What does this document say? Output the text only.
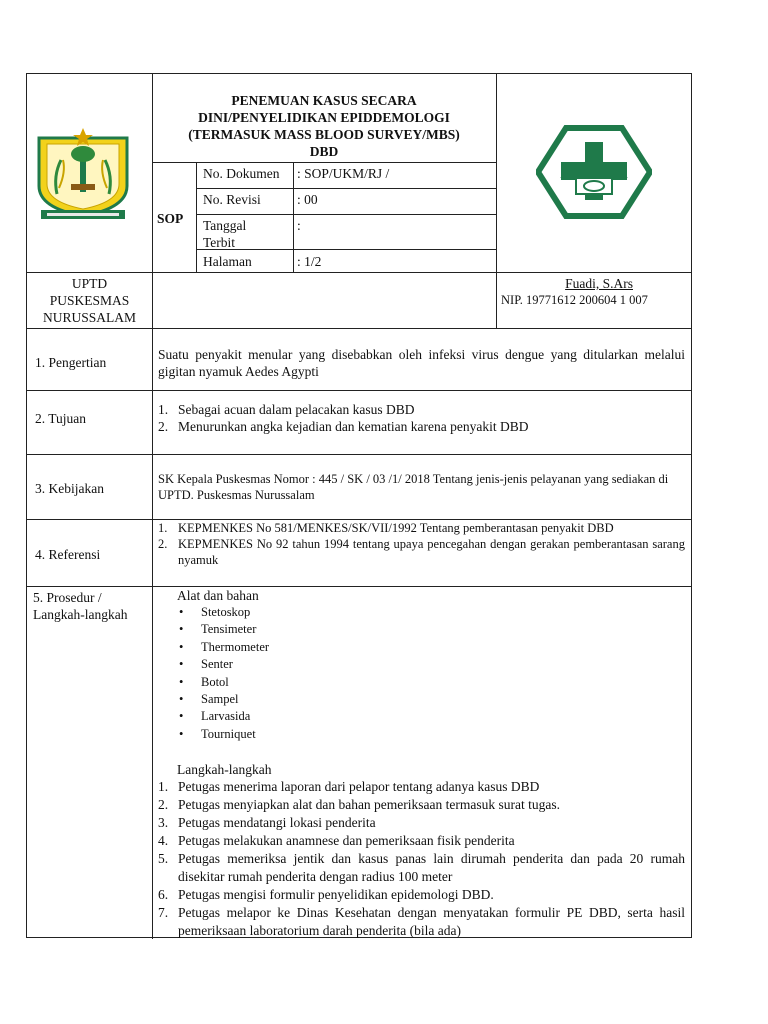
PENEMUAN KASUS SECARA
DINI/PENYELIDIKAN EPIDDEMOLOGI
(TERMASUK MASS BLOOD SURVEY/MBS)
DBD
SOP
No. Dokumen : SOP/UKM/RJ /
No. Revisi	: 00
Tanggal
Terbit
:
Halaman	: 1/2
UPTD
PUSKESMAS
NURUSSALAM
Fuadi, S.Ars
NIP. 19771612 200604 1 007
1. Pengertian
Suatu penyakit menular yang disebabkan oleh infeksi virus dengue yang ditularkan melalui gigitan nyamuk Aedes Agypti
2. Tujuan
1. Sebagai acuan dalam pelacakan kasus DBD
2. Menurunkan angka kejadian dan kematian karena penyakit DBD
3. Kebijakan
SK Kepala Puskesmas Nomor : 445 / SK / 03 /1/ 2018 Tentang jenis-jenis pelayanan yang sediakan di UPTD. Puskesmas Nurussalam
4. Referensi
1. KEPMENKES No 581/MENKES/SK/VII/1992 Tentang pemberantasan penyakit DBD
2. KEPMENKES No 92 tahun 1994 tentang upaya pencegahan dengan gerakan pemberantasan sarang nyamuk
5. Prosedur /
Langkah-langkah
Alat dan bahan
• Stetoskop
• Tensimeter
• Thermometer
• Senter
• Botol
• Sampel
• Larvasida
• Tourniquet
Langkah-langkah
1. Petugas menerima laporan dari pelapor tentang adanya kasus DBD
2. Petugas menyiapkan alat dan bahan pemeriksaan termasuk surat tugas.
3. Petugas mendatangi lokasi penderita
4. Petugas melakukan anamnese dan pemeriksaan fisik penderita
5. Petugas memeriksa jentik dan kasus panas lain dirumah penderita dan pada 20 rumah disekitar rumah penderita dengan radius 100 meter
6. Petugas mengisi formulir penyelidikan epidemologi DBD.
7. Petugas melapor ke Dinas Kesehatan dengan menyatakan formulir PE DBD, serta hasil pemeriksaan laboratorium darah penderita (bila ada)
